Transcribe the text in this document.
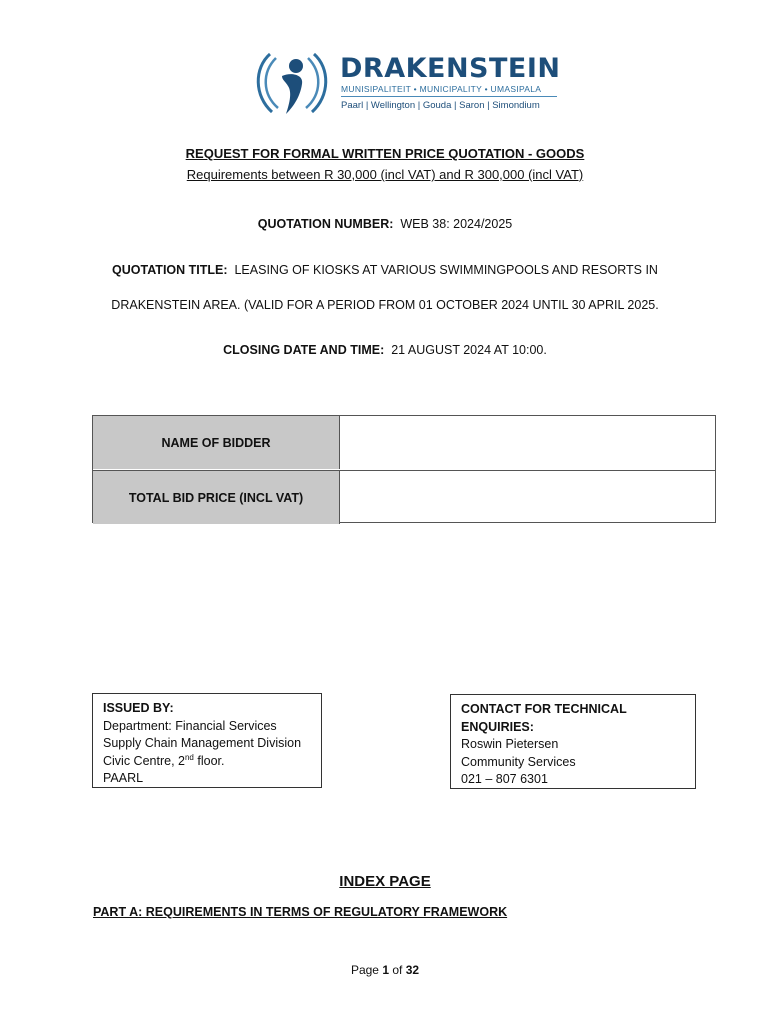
DRAKENSTEIN
MUNISIPALITEIT • MUNICIPALITY • UMASIPALA
Paarl | Wellington | Gouda | Saron | Simondium
REQUEST FOR FORMAL WRITTEN PRICE QUOTATION - GOODS
Requirements between R 30,000 (incl VAT) and R 300,000 (incl VAT)
QUOTATION NUMBER: WEB 38: 2024/2025
QUOTATION TITLE: LEASING OF KIOSKS AT VARIOUS SWIMMINGPOOLS AND RESORTS IN
DRAKENSTEIN AREA. (VALID FOR A PERIOD FROM 01 OCTOBER 2024 UNTIL 30 APRIL 2025.
CLOSING DATE AND TIME: 21 AUGUST 2024 AT 10:00.
NAME OF BIDDER
TOTAL BID PRICE (INCL VAT)
ISSUED BY:
Department: Financial Services
Supply Chain Management Division
Civic Centre, 2nd floor.
PAARL
CONTACT FOR TECHNICAL ENQUIRIES:
Roswin Pietersen
Community Services
021 – 807 6301
INDEX PAGE
PART A: REQUIREMENTS IN TERMS OF REGULATORY FRAMEWORK
Page 1 of 32
